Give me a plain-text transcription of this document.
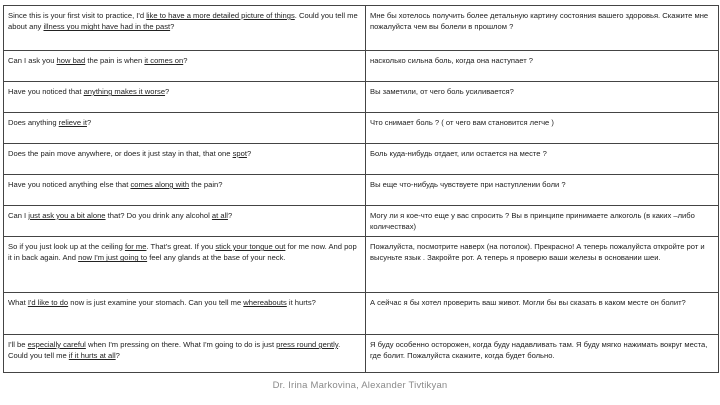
Since this is your first visit to practice, I'd like to have a more detailed picture of things. Could you tell me about any illness you might have had in the past?	Мне бы хотелось получить более детальную картину состояния вашего здоровья. Скажите мне пожалуйста чем вы болели в прошлом ?
Can I ask you how bad the pain is when it comes on?	насколько сильна боль, когда она наступает ?
Have you noticed that anything makes it worse?	Вы заметили, от чего боль усиливается?
Does anything relieve it?	Что снимает боль ? ( от чего вам становится легче )
Does the pain move anywhere, or does it just stay in that, that one spot?	Боль куда-нибудь отдает, или остается на месте ?
Have you noticed anything else that comes along with the pain?	Вы еще что-нибудь чувствуете при наступлении боли ?
Can I just ask you a bit alone that? Do you drink any alcohol at all?	Могу ли я кое-что еще у вас спросить ? Вы в принципе принимаете алкоголь (в каких –либо количествах)
So if you just look up at the ceiling for me. That's great. If you stick your tongue out for me now. And pop it in back again. And now I'm just going to feel any glands at the base of your neck.	Пожалуйста, посмотрите наверх (на потолок). Прекрасно! А теперь пожалуйста откройте рот и высуньте язык . Закройте рот. А теперь я проверю ваши железы в основании шеи.
What I'd like to do now is just examine your stomach. Can you tell me whereabouts it hurts?	А сейчас я бы хотел проверить ваш живот. Могли бы вы сказать в каком месте он болит?
I'll be especially careful when I'm pressing on there. What I'm going to do is just press round gently. Could you tell me if it hurts at all?	Я буду особенно осторожен, когда буду надавливать там. Я буду мягко нажимать вокруг места, где болит. Пожалуйста скажите, когда будет больно.
Dr. Irina Markovina, Alexander Tivtikyan
